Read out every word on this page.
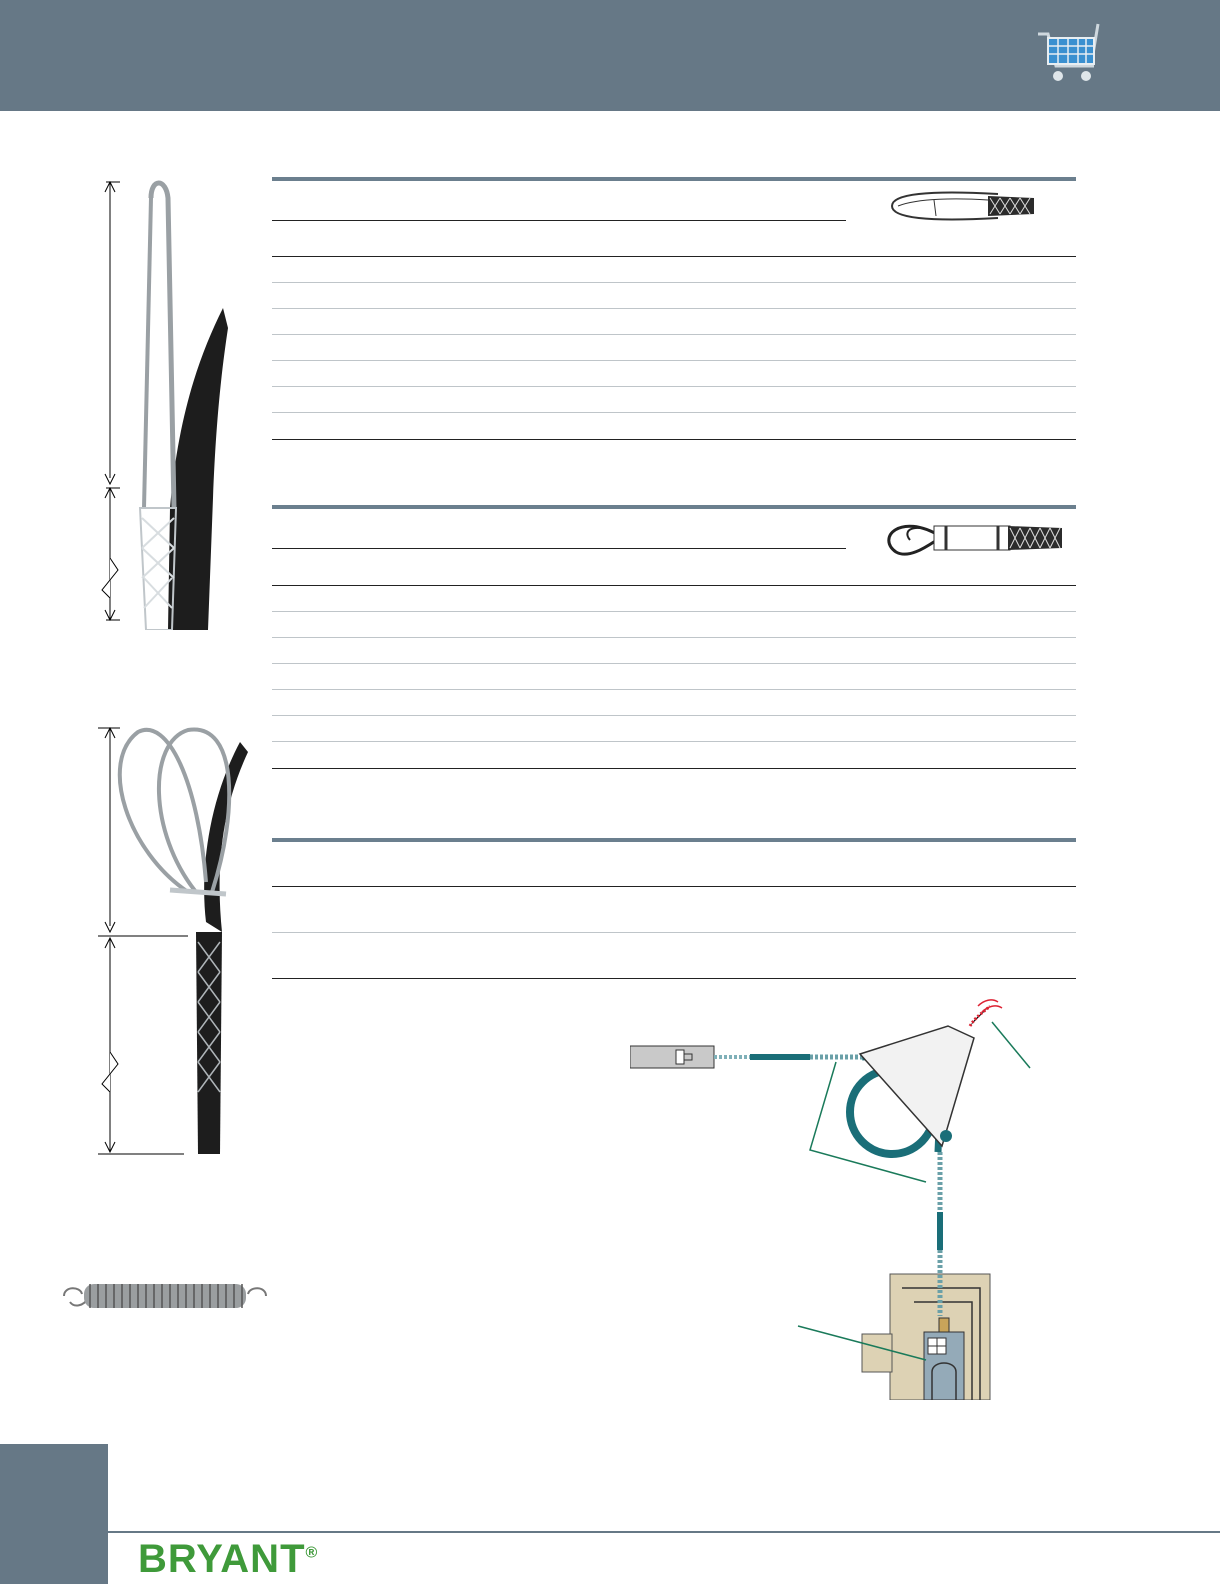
BRYANT®
